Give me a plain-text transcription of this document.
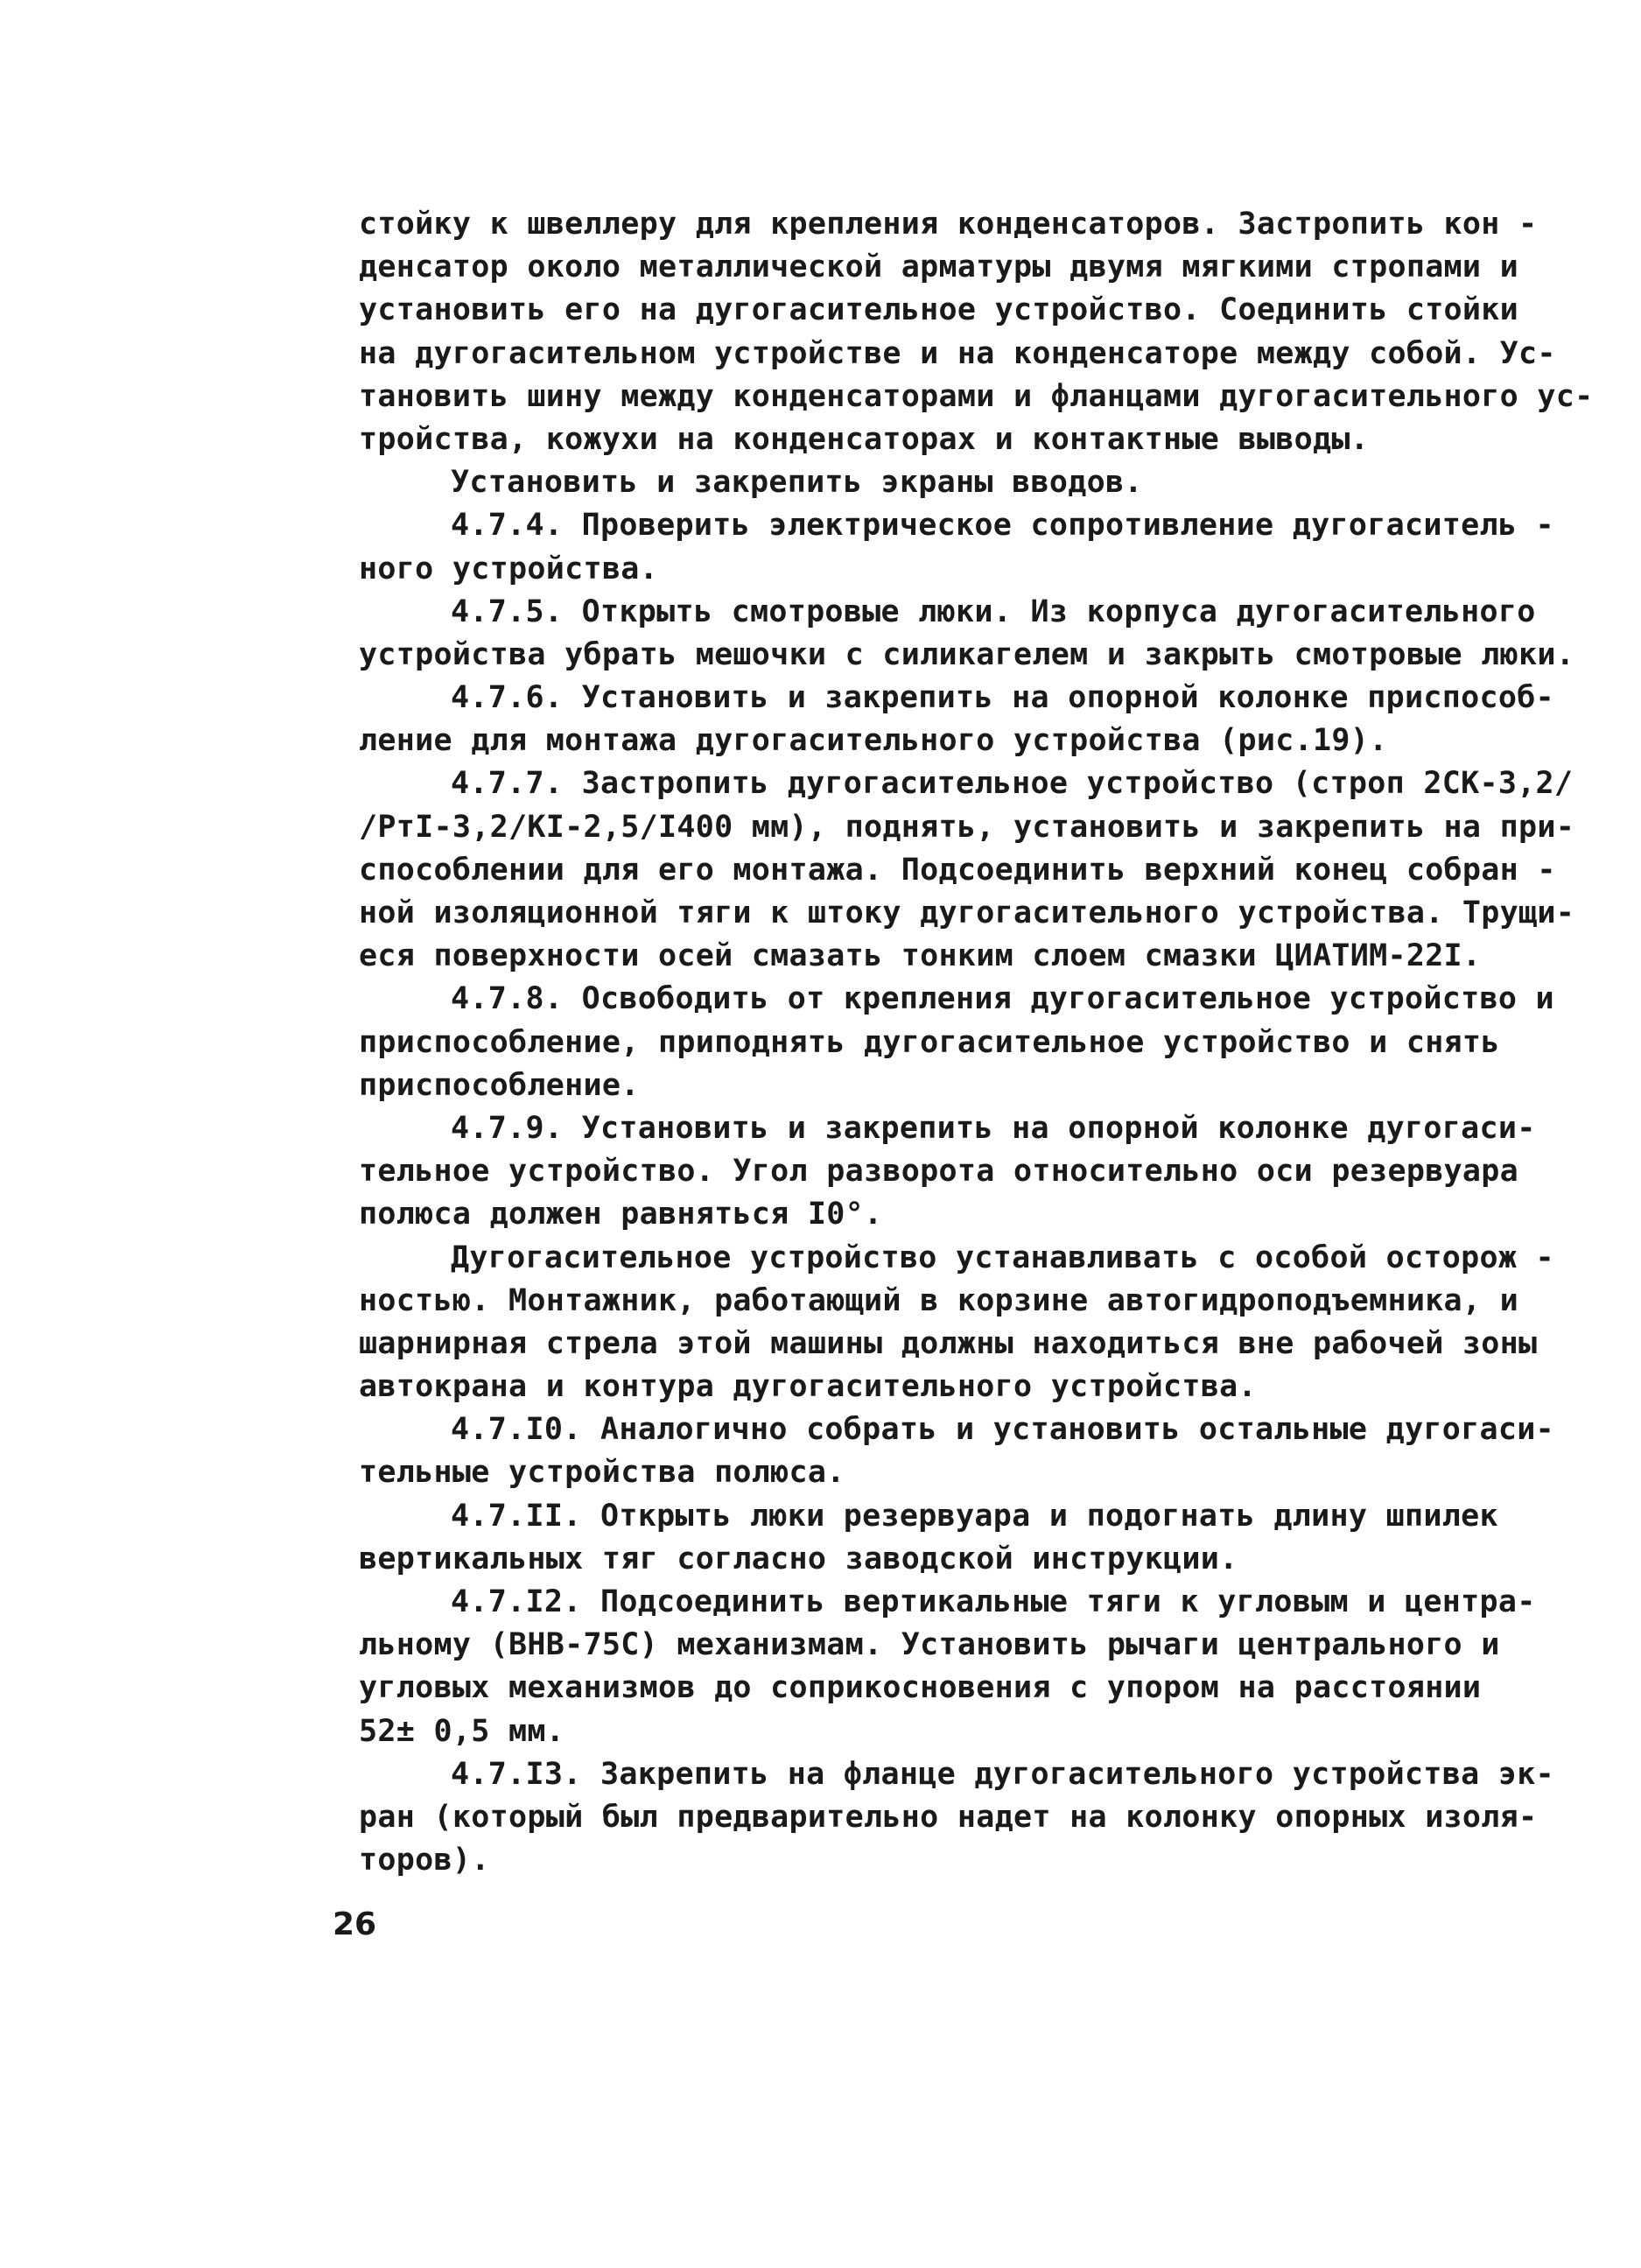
стойку к швеллеру для крепления конденсаторов. Застропить кон -
денсатор около металлической арматуры двумя мягкими стропами и
установить его на дугогасительное устройство. Соединить стойки
на дугогасительном устройстве и на конденсаторе между собой. Ус-
тановить шину между конденсаторами и фланцами дугогасительного ус-
тройства, кожухи на конденсаторах и контактные выводы.
Установить и закрепить экраны вводов.
4.7.4. Проверить электрическое сопротивление дугогаситель -
ного устройства.
4.7.5. Открыть смотровые люки. Из корпуса дугогасительного
устройства убрать мешочки с силикагелем и закрыть смотровые люки.
4.7.6. Установить и закрепить на опорной колонке приспособ-
ление для монтажа дугогасительного устройства (рис.19).
4.7.7. Застропить дугогасительное устройство (строп 2СК-3,2/
/РтI-3,2/КI-2,5/I400 мм), поднять, установить и закрепить на при-
способлении для его монтажа. Подсоединить верхний конец собран -
ной изоляционной тяги к штоку дугогасительного устройства. Трущи-
еся поверхности осей смазать тонким слоем смазки ЦИАТИМ-22I.
4.7.8. Освободить от крепления дугогасительное устройство и
приспособление, приподнять дугогасительное устройство и снять
приспособление.
4.7.9. Установить и закрепить на опорной колонке дугогаси-
тельное устройство. Угол разворота относительно оси резервуара
полюса должен равняться I0°.
Дугогасительное устройство устанавливать с особой осторож -
ностью. Монтажник, работающий в корзине автогидроподъемника, и
шарнирная стрела этой машины должны находиться вне рабочей зоны
автокрана и контура дугогасительного устройства.
4.7.I0. Аналогично собрать и установить остальные дугогаси-
тельные устройства полюса.
4.7.II. Открыть люки резервуара и подогнать длину шпилек
вертикальных тяг согласно заводской инструкции.
4.7.I2. Подсоединить вертикальные тяги к угловым и центра-
льному (ВНВ-75С) механизмам. Установить рычаги центрального и
угловых механизмов до соприкосновения с упором на расстоянии
52± 0,5 мм.
4.7.I3. Закрепить на фланце дугогасительного устройства эк-
ран (который был предварительно надет на колонку опорных изоля-
торов).
26
